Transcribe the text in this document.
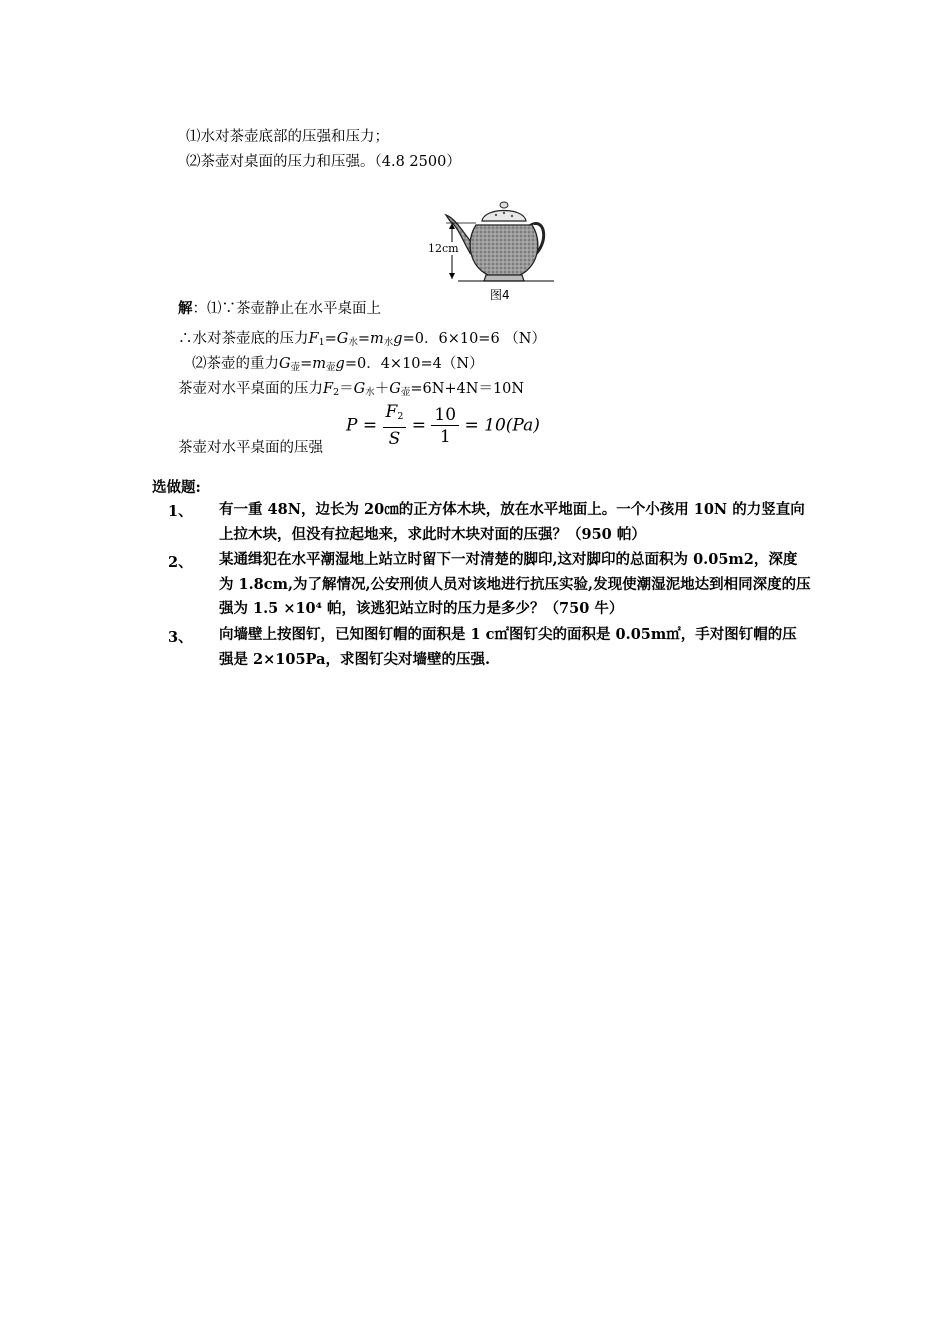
⑴水对茶壶底部的压强和压力；
⑵茶壶对桌面的压力和压强。（4.8 2500）
12cm
图4
解：⑴∵茶壶静止在水平桌面上
∴水对茶壶底的压力$F_1=G_水=m_水g=0$．6×10=6 （N）
⑵茶壶的重力$G_壶=m_壶g=0$．4×10=4（N）
茶壶对水平桌面的压力$F_2=G_水+G_壶=6N+4N=10N$
茶壶对水平桌面的压强
$P = \frac{F_2}{S} = \frac{10}{1} = 10(Pa)$
选做题:
1、 有一重 48N，边长为 20㎝的正方体木块，放在水平地面上。一个小孩用 10N 的力竖直向上拉木块，但没有拉起地来，求此时木块对面的压强？（950 帕）
2、 某通缉犯在水平潮湿地上站立时留下一对清楚的脚印,这对脚印的总面积为 0.05m2，深度为 1.8cm,为了解情况,公安刑侦人员对该地进行抗压实验,发现使潮湿泥地达到相同深度的压强为 1.5 ×10⁴ 帕，该逃犯站立时的压力是多少？（750 牛）
3、 向墙壁上按图钉，已知图钉帽的面积是 1 c㎡图钉尖的面积是 0.05m㎡，手对图钉帽的压强是 2×105Pa，求图钉尖对墙壁的压强.
